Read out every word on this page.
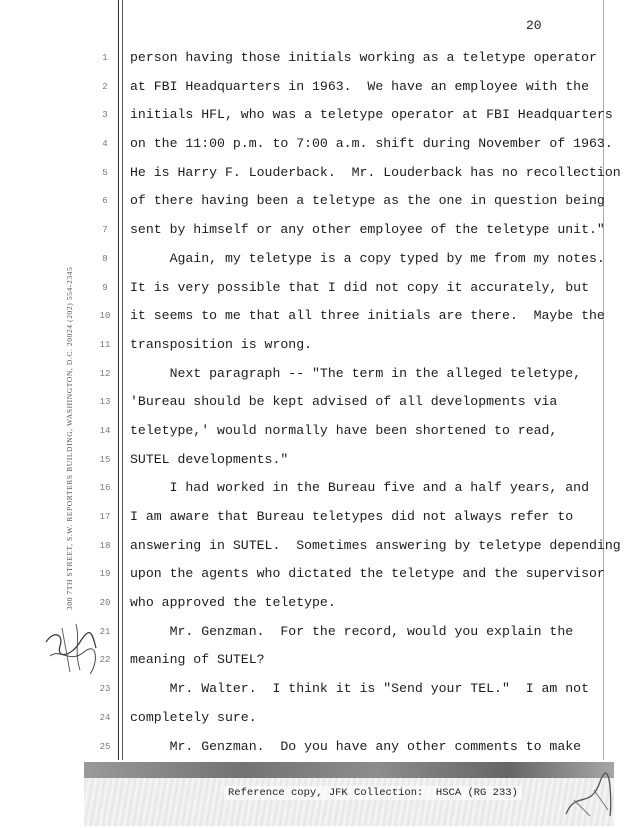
20
300 7TH STREET, S.W. REPORTERS BUILDING, WASHINGTON, D.C. 20024 (202) 554-2345
1
2
3
4
5
6
7
8
9
10
11
12
13
14
15
16
17
18
19
20
21
22
23
24
25
person having those initials working as a teletype operator
at FBI Headquarters in 1963.  We have an employee with the
initials HFL, who was a teletype operator at FBI Headquarters
on the 11:00 p.m. to 7:00 a.m. shift during November of 1963.
He is Harry F. Louderback.  Mr. Louderback has no recollection
of there having been a teletype as the one in question being
sent by himself or any other employee of the teletype unit."
Again, my teletype is a copy typed by me from my notes.
It is very possible that I did not copy it accurately, but
it seems to me that all three initials are there.  Maybe the
transposition is wrong.
Next paragraph -- "The term in the alleged teletype,
'Bureau should be kept advised of all developments via
teletype,' would normally have been shortened to read,
SUTEL developments."
I had worked in the Bureau five and a half years, and
I am aware that Bureau teletypes did not always refer to
answering in SUTEL.  Sometimes answering by teletype depending
upon the agents who dictated the teletype and the supervisor
who approved the teletype.
Mr. Genzman.  For the record, would you explain the
meaning of SUTEL?
Mr. Walter.  I think it is "Send your TEL."  I am not
completely sure.
Mr. Genzman.  Do you have any other comments to make
Reference copy, JFK Collection:  HSCA (RG 233)
